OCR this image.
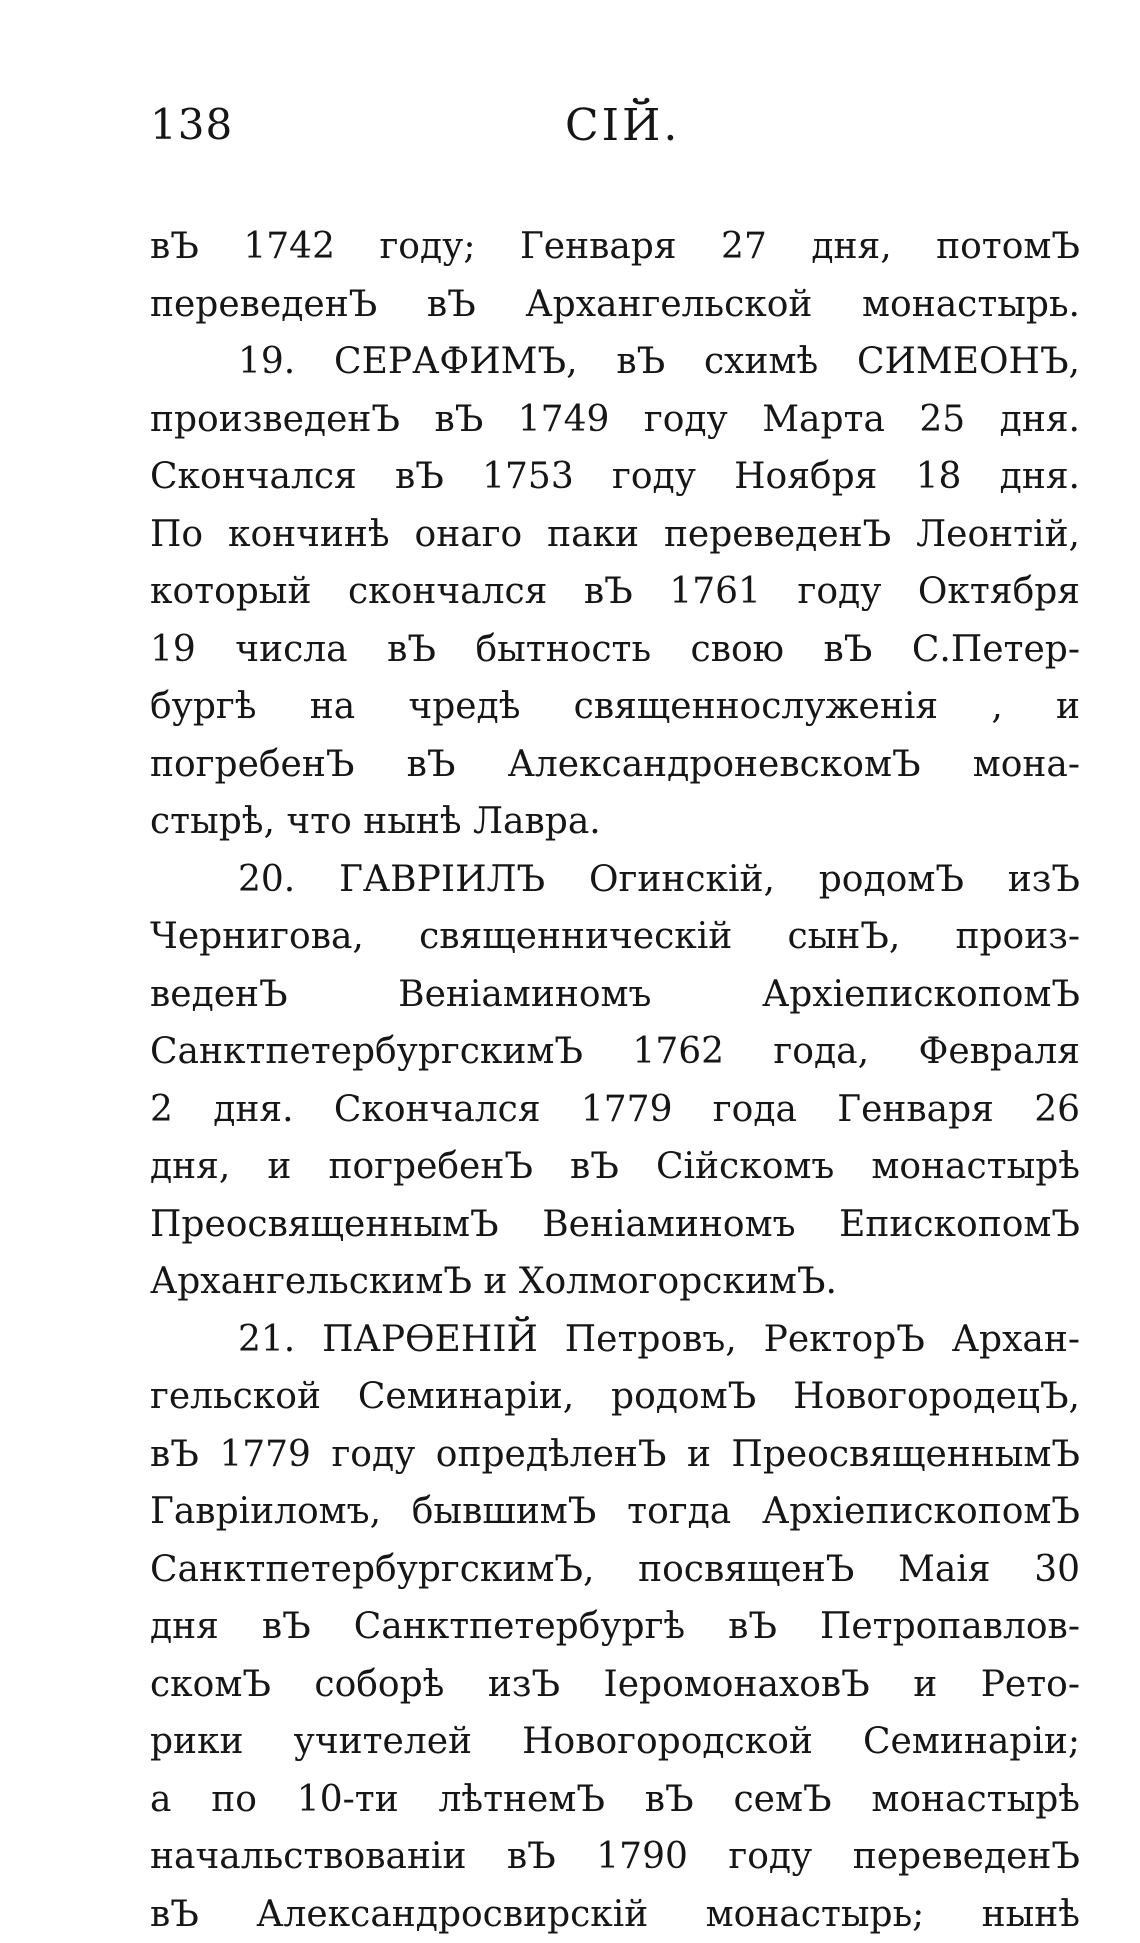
138	СІЙ.
вЪ 1742 году; Генваря 27 дня, потомЪ
переведенЪ вЪ Архангельской монастырь.
19. СЕРАФИМЪ, вЪ схимѣ СИМЕОНЪ,
произведенЪ вЪ 1749 году Марта 25 дня.
Скончался вЪ 1753 году Ноября 18 дня.
По кончинѣ онаго паки переведенЪ Леонтій,
который скончался вЪ 1761 году Октября
19 числа вЪ бытность свою вЪ С.Петер-
бургѣ на чредѣ священнослуженія , и
погребенЪ вЪ АлександроневскомЪ мона-
стырѣ, что нынѣ Лавра.
20. ГАВРІИЛЪ Огинскій, родомЪ изЪ
Чернигова, священническій сынЪ, произ-
веденЪ Веніаминомъ АрхіепископомЪ
СанктпетербургскимЪ 1762 года, Февраля
2 дня. Скончался 1779 года Генваря 26
дня, и погребенЪ вЪ Сійскомъ монастырѣ
ПреосвященнымЪ Веніаминомъ ЕпископомЪ
АрхангельскимЪ и ХолмогорскимЪ.
21. ПАРѲЕНІЙ Петровъ, РекторЪ Архан-
гельской Семинаріи, родомЪ НовогородецЪ,
вЪ 1779 году опредѣленЪ и ПреосвященнымЪ
Гавріиломъ, бывшимЪ тогда АрхіепископомЪ
СанктпетербургскимЪ, посвященЪ Маія 30
дня вЪ Санктпетербургѣ вЪ Петропавлов-
скомЪ соборѣ изЪ ІеромонаховЪ и Рето-
рики учителей Новогородской Семинаріи;
а по 10-ти лѣтнемЪ вЪ семЪ монастырѣ
начальствованіи вЪ 1790 году переведенЪ
вЪ Александросвирскій монастырь; нынѣ
